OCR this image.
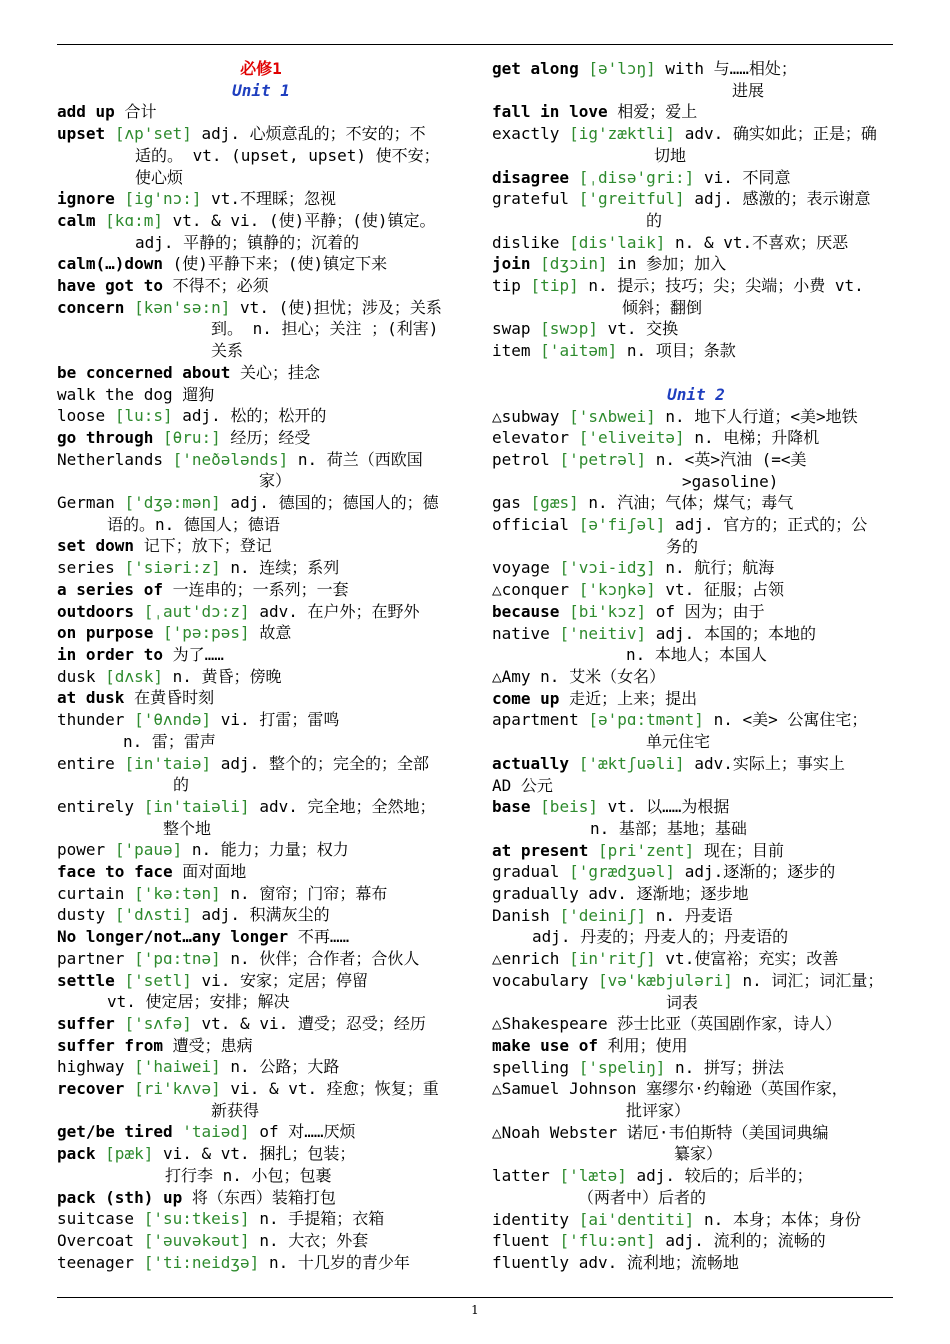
必修1
Unit 1
add up 合计
upset [ʌp'set] adj. 心烦意乱的；不安的；不
适的。 vt. (upset, upset) 使不安；
使心烦
ignore [ig'nɔ:] vt.不理睬；忽视
calm [kɑ:m] vt. & vi. (使)平静；(使)镇定。
adj. 平静的；镇静的；沉着的
calm(…)down (使)平静下来；(使)镇定下来
have got to 不得不；必须
concern [kən'sə:n] vt. (使)担忧；涉及；关系
到。 n. 担心；关注 ；(利害)
关系
be concerned about 关心；挂念
walk the dog 遛狗
loose [lu:s] adj. 松的；松开的
go through [θru:] 经历；经受
Netherlands ['neðələnds] n. 荷兰（西欧国
家）
German ['dʒə:mən] adj. 德国的；德国人的；德
语的。n. 德国人；德语
set down 记下；放下；登记
series ['siəri:z] n. 连续；系列
a series of 一连串的；一系列；一套
outdoors [ˌaut'dɔ:z] adv. 在户外；在野外
on purpose ['pə:pəs] 故意
in order to 为了……
dusk [dʌsk] n. 黄昏；傍晚
at dusk 在黄昏时刻
thunder ['θʌndə] vi. 打雷；雷鸣
n. 雷；雷声
entire [in'taiə] adj. 整个的；完全的；全部
的
entirely [in'taiəli] adv. 完全地；全然地；
整个地
power ['pauə] n. 能力；力量；权力
face to face 面对面地
curtain ['kə:tən] n. 窗帘；门帘；幕布
dusty ['dʌsti] adj. 积满灰尘的
No longer/not…any longer 不再……
partner ['pɑ:tnə] n. 伙伴；合作者；合伙人
settle ['setl] vi. 安家；定居；停留
vt. 使定居；安排；解决
suffer ['sʌfə] vt. & vi. 遭受；忍受；经历
suffer from 遭受；患病
highway ['haiwei] n. 公路；大路
recover [ri'kʌvə] vi. & vt. 痊愈；恢复；重
新获得
get/be tired 'taiəd] of 对……厌烦
pack [pæk] vi. & vt. 捆扎；包装；
打行李 n. 小包；包裹
pack (sth) up 将（东西）装箱打包
suitcase ['su:tkeis] n. 手提箱；衣箱
Overcoat ['əuvəkəut] n. 大衣；外套
teenager ['ti:neidʒə] n. 十几岁的青少年
get along [ə'lɔŋ] with 与……相处；
进展
fall in love 相爱；爱上
exactly [ig'zæktli] adv. 确实如此；正是；确
切地
disagree [ˌdisə'gri:] vi. 不同意
grateful ['greitful] adj. 感激的；表示谢意
的
dislike [dis'laik] n. & vt.不喜欢；厌恶
join [dʒɔin] in 参加；加入
tip [tip] n. 提示；技巧；尖；尖端；小费 vt.
倾斜；翻倒
swap [swɔp] vt. 交换
item ['aitəm] n. 项目；条款
Unit 2
△subway ['sʌbwei] n. 地下人行道；<美>地铁
elevator ['eliveitə] n. 电梯；升降机
petrol ['petrəl] n. <英>汽油 (=<美
>gasoline)
gas [gæs] n. 汽油；气体；煤气；毒气
official [ə'fiʃəl] adj. 官方的；正式的；公
务的
voyage ['vɔi-idʒ] n. 航行；航海
△conquer ['kɔŋkə] vt. 征服；占领
because [bi'kɔz] of 因为；由于
native ['neitiv] adj. 本国的；本地的
n. 本地人；本国人
△Amy n. 艾米（女名）
come up 走近；上来；提出
apartment [ə'pɑ:tmənt] n. <美> 公寓住宅；
单元住宅
actually ['æktʃuəli] adv.实际上；事实上
AD 公元
base [beis] vt. 以……为根据
n. 基部；基地；基础
at present [pri'zent] 现在；目前
gradual ['grædʒuəl] adj.逐渐的；逐步的
gradually adv. 逐渐地；逐步地
Danish ['deiniʃ] n. 丹麦语
adj. 丹麦的；丹麦人的；丹麦语的
△enrich [in'ritʃ] vt.使富裕；充实；改善
vocabulary [və'kæbjuləri] n. 词汇；词汇量；
词表
△Shakespeare 莎士比亚（英国剧作家，诗人）
make use of 利用；使用
spelling ['speliŋ] n. 拼写；拼法
△Samuel Johnson 塞缪尔·约翰逊（英国作家，
批评家）
△Noah Webster 诺厄·韦伯斯特（美国词典编
纂家）
latter ['lætə] adj. 较后的；后半的；
（两者中）后者的
identity [ai'dentiti] n. 本身；本体；身份
fluent ['flu:ənt] adj. 流利的；流畅的
fluently adv. 流利地；流畅地
1
